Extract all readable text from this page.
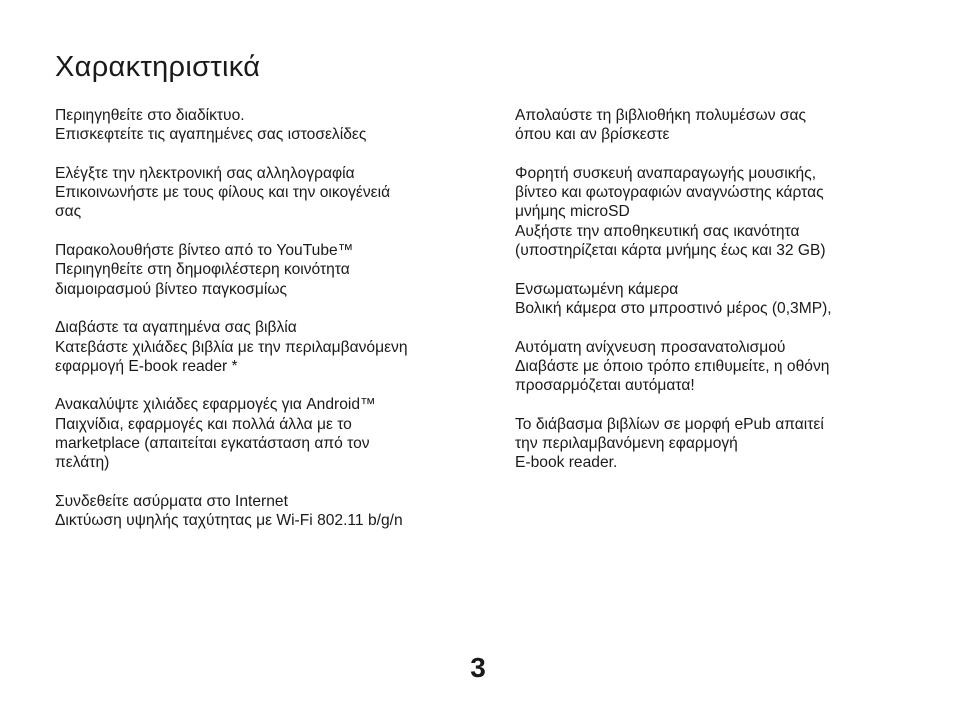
Χαρακτηριστικά
Περιηγηθείτε στο διαδίκτυο.
Επισκεφτείτε τις αγαπημένες σας ιστοσελίδες
Ελέγξτε την ηλεκτρονική σας αλληλογραφία
Επικοινωνήστε με τους φίλους και την οικογένειά
σας
Παρακολουθήστε βίντεο από το YouTube™
Περιηγηθείτε στη δημοφιλέστερη κοινότητα
διαμοιρασμού βίντεο παγκοσμίως
Διαβάστε τα αγαπημένα σας βιβλία
Κατεβάστε χιλιάδες βιβλία με την περιλαμβανόμενη
εφαρμογή E-book reader *
Ανακαλύψτε χιλιάδες εφαρμογές για Android™
Παιχνίδια, εφαρμογές και πολλά άλλα με το
marketplace (απαιτείται εγκατάσταση από τον
πελάτη)
Συνδεθείτε ασύρματα στο Internet
Δικτύωση υψηλής ταχύτητας με Wi-Fi 802.11 b/g/n
Απολαύστε τη βιβλιοθήκη πολυμέσων σας
όπου και αν βρίσκεστε
Φορητή συσκευή αναπαραγωγής μουσικής,
βίντεο και φωτογραφιών αναγνώστης κάρτας
μνήμης microSD
Αυξήστε την αποθηκευτική σας ικανότητα
(υποστηρίζεται κάρτα μνήμης έως και 32 GB)
Ενσωματωμένη κάμερα
Βολική κάμερα στο μπροστινό μέρος (0,3MP),
Αυτόματη ανίχνευση προσανατολισμού
Διαβάστε με όποιο τρόπο επιθυμείτε, η οθόνη
προσαρμόζεται αυτόματα!
Το διάβασμα βιβλίων σε μορφή ePub απαιτεί
την περιλαμβανόμενη εφαρμογή
E-book reader.
3
